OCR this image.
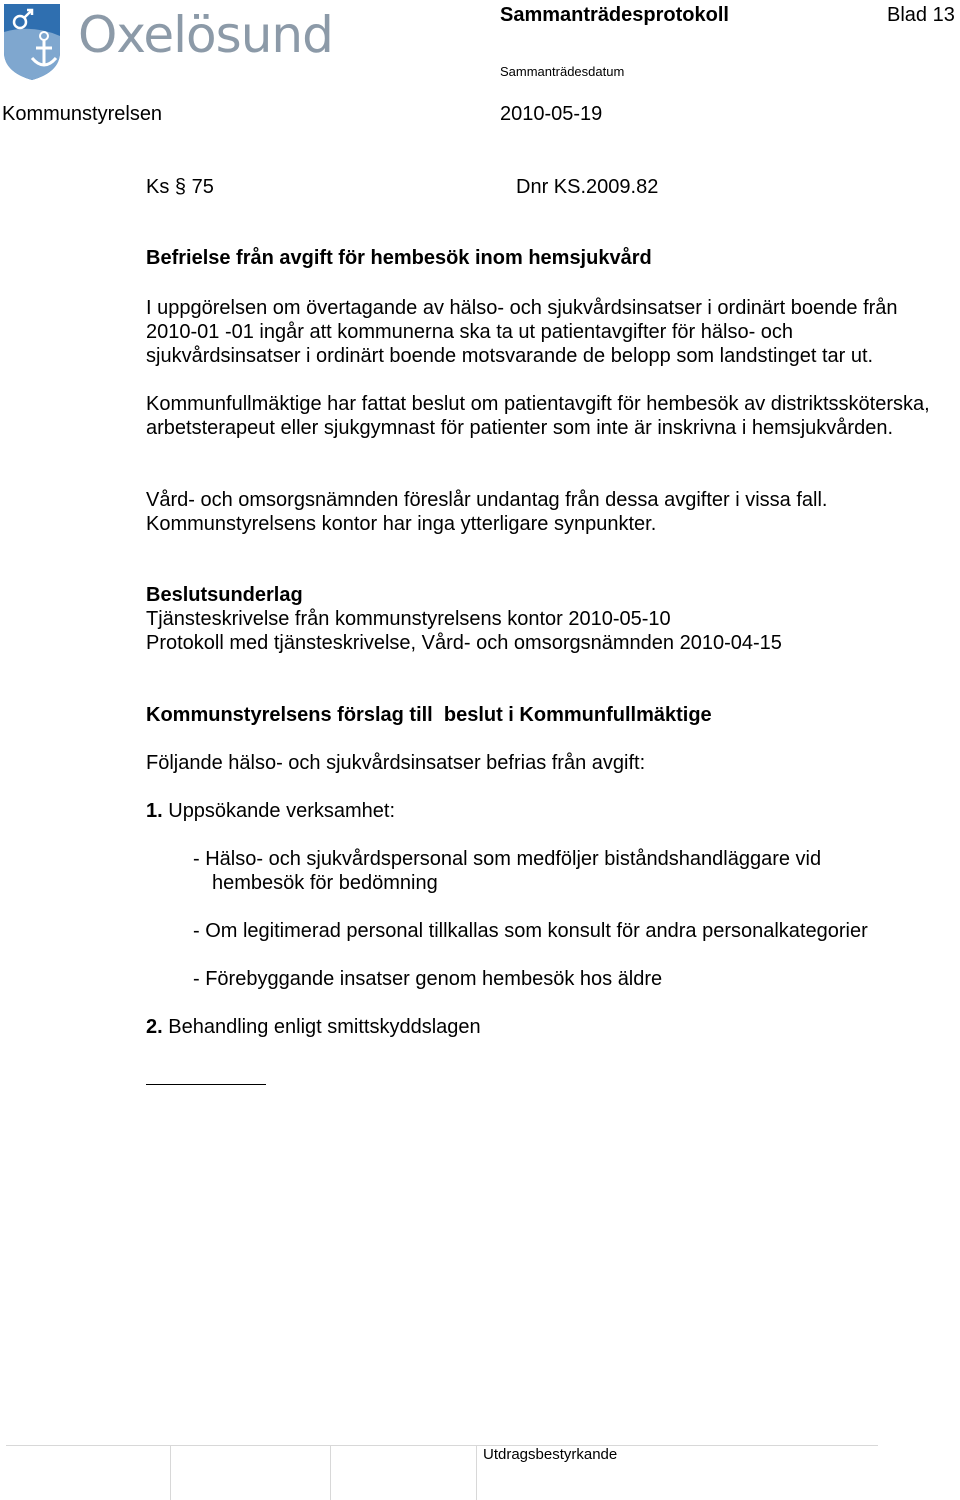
Oxelösund	Sammanträdesprotokoll	Blad 13
Sammanträdesdatum
Kommunstyrelsen	2010-05-19
Ks § 75	Dnr KS.2009.82
Befrielse från avgift för hembesök inom hemsjukvård
I uppgörelsen om övertagande av hälso- och sjukvårdsinsatser i ordinärt boende från 2010-01 -01 ingår att kommunerna ska ta ut patientavgifter för hälso- och sjukvårdsinsatser i ordinärt boende motsvarande de belopp som landstinget tar ut.
Kommunfullmäktige har fattat beslut om patientavgift för hembesök av distriktssköterska, arbetsterapeut eller sjukgymnast för patienter som inte är inskrivna i hemsjukvården.
Vård- och omsorgsnämnden föreslår undantag från dessa avgifter i vissa fall. Kommunstyrelsens kontor har inga ytterligare synpunkter.
Beslutsunderlag
Tjänsteskrivelse från kommunstyrelsens kontor 2010-05-10
Protokoll med tjänsteskrivelse, Vård- och omsorgsnämnden 2010-04-15
Kommunstyrelsens förslag till  beslut i Kommunfullmäktige
Följande hälso- och sjukvårdsinsatser befrias från avgift:
1. Uppsökande verksamhet:
- Hälso- och sjukvårdspersonal som medföljer biståndshandläggare vid
hembesök för bedömning
- Om legitimerad personal tillkallas som konsult för andra personalkategorier
- Förebyggande insatser genom hembesök hos äldre
2. Behandling enligt smittskyddslagen
Utdragsbestyrkande
